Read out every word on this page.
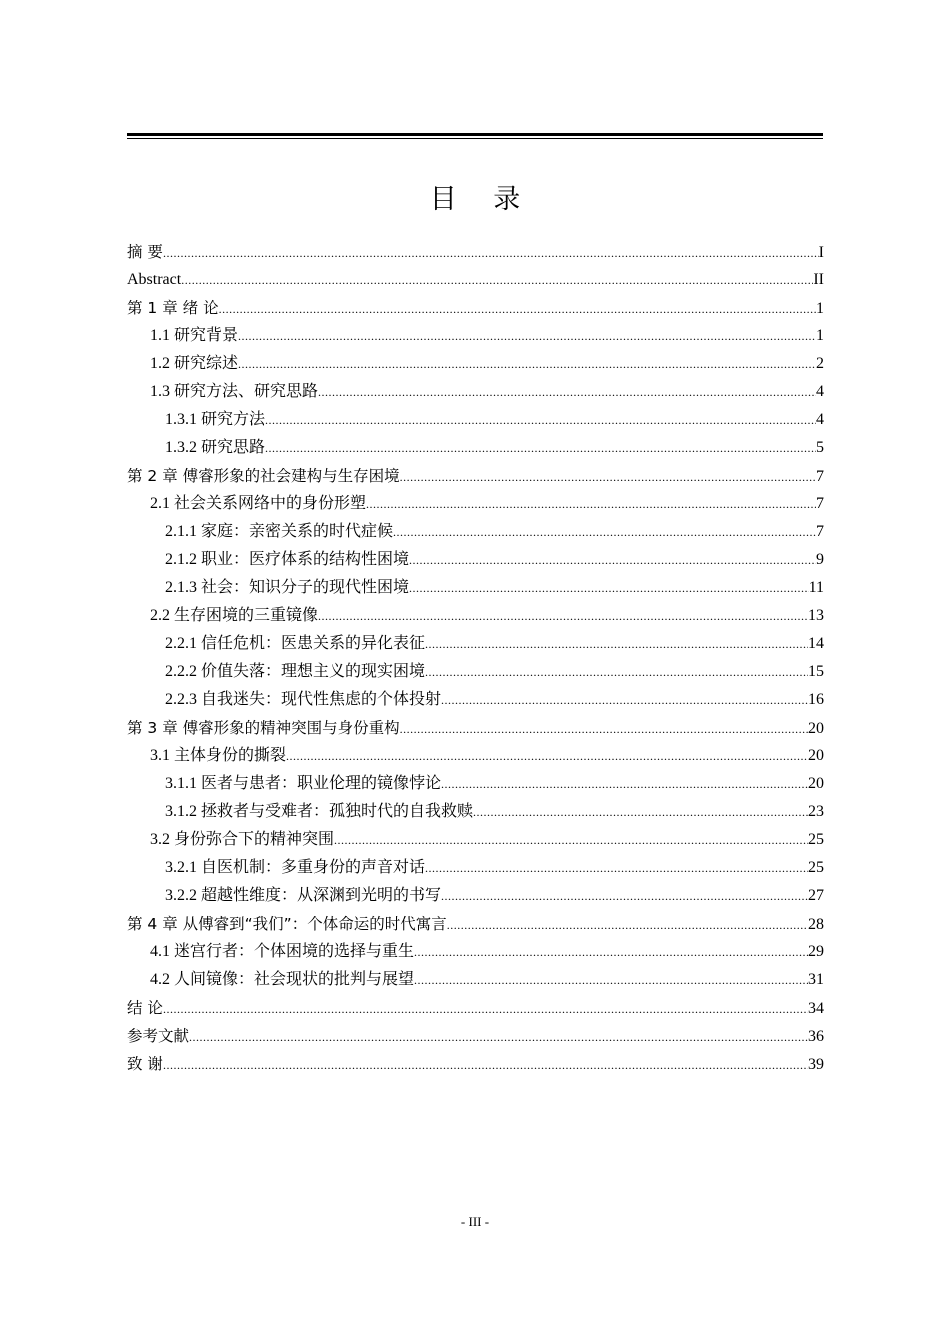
目 录
摘 要 .....	I
Abstract .....	II
第 1 章 绪 论 .....	1
1.1 研究背景 .....	1
1.2 研究综述 .....	2
1.3 研究方法、研究思路 .....	4
1.3.1 研究方法 .....	4
1.3.2 研究思路 .....	5
第 2 章 傅睿形象的社会建构与生存困境 .....	7
2.1 社会关系网络中的身份形塑 .....	7
2.1.1 家庭：亲密关系的时代症候 .....	7
2.1.2 职业：医疗体系的结构性困境 .....	9
2.1.3 社会：知识分子的现代性困境 .....	11
2.2 生存困境的三重镜像 .....	13
2.2.1 信任危机：医患关系的异化表征 .....	14
2.2.2 价值失落：理想主义的现实困境 .....	15
2.2.3 自我迷失：现代性焦虑的个体投射 .....	16
第 3 章 傅睿形象的精神突围与身份重构 .....	20
3.1 主体身份的撕裂 .....	20
3.1.1 医者与患者：职业伦理的镜像悖论 .....	20
3.1.2 拯救者与受难者：孤独时代的自我救赎 .....	23
3.2 身份弥合下的精神突围 .....	25
3.2.1 自医机制：多重身份的声音对话 .....	25
3.2.2 超越性维度：从深渊到光明的书写 .....	27
第 4 章 从傅睿到“我们”：个体命运的时代寓言 .....	28
4.1 迷宫行者：个体困境的选择与重生 .....	29
4.2 人间镜像：社会现状的批判与展望 .....	31
结 论 .....	34
参考文献 .....	36
致 谢 .....	39
- III -
